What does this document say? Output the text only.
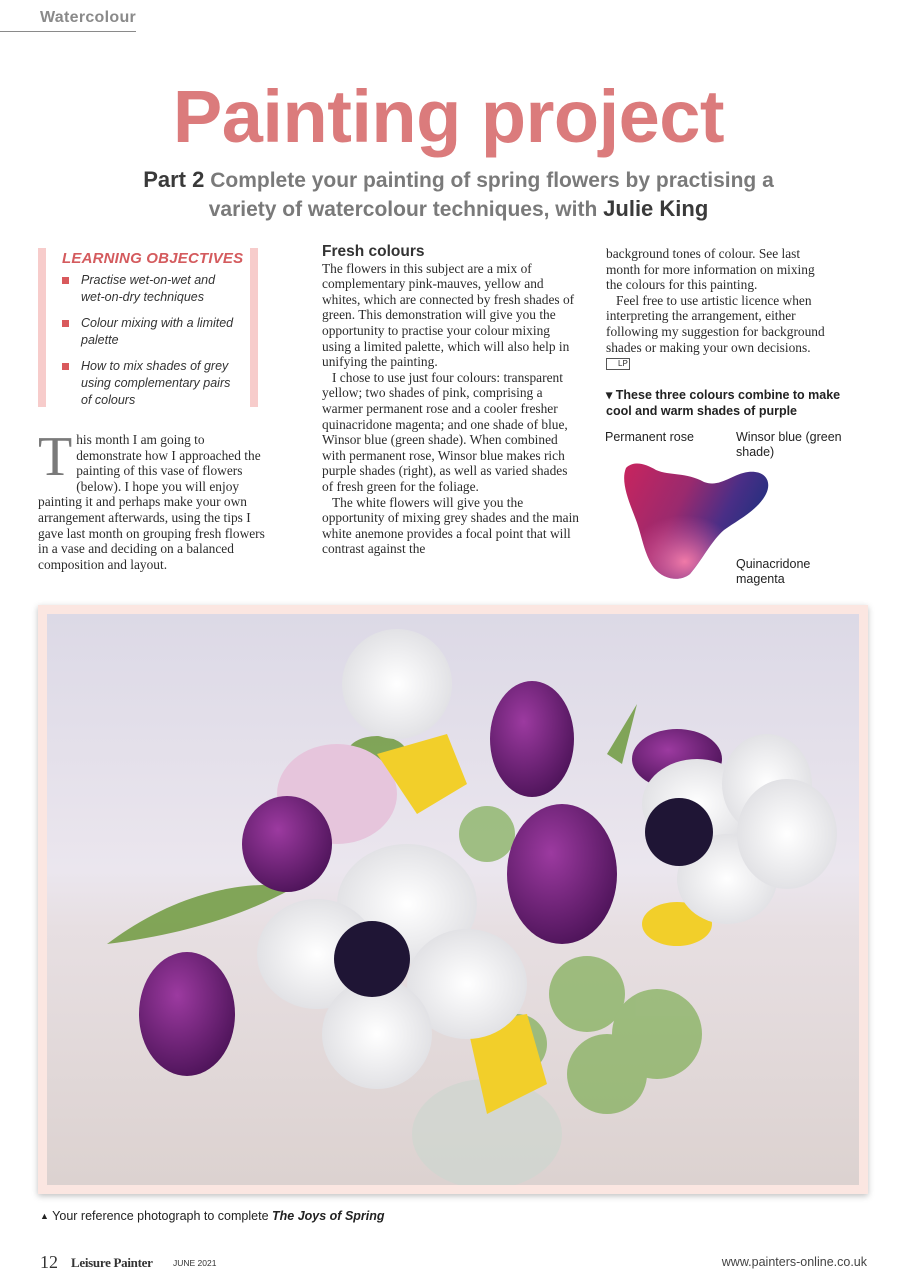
Watercolour
Painting project
Part 2 Complete your painting of spring flowers by practising a variety of watercolour techniques, with Julie King
LEARNING OBJECTIVES
Practise wet-on-wet and wet-on-dry techniques
Colour mixing with a limited palette
How to mix shades of grey using complementary pairs of colours
This month I am going to demonstrate how I approached the painting of this vase of flowers (below). I hope you will enjoy painting it and perhaps make your own arrangement afterwards, using the tips I gave last month on grouping fresh flowers in a vase and deciding on a balanced composition and layout.
Fresh colours

The flowers in this subject are a mix of complementary pink-mauves, yellow and whites, which are connected by fresh shades of green. This demonstration will give you the opportunity to practise your colour mixing using a limited palette, which will also help in unifying the painting.

I chose to use just four colours: transparent yellow; two shades of pink, comprising a warmer permanent rose and a cooler fresher quinacridone magenta; and one shade of blue, Winsor blue (green shade). When combined with permanent rose, Winsor blue makes rich purple shades (right), as well as varied shades of fresh green for the foliage.

The white flowers will give you the opportunity of mixing grey shades and the main white anemone provides a focal point that will contrast against the

background tones of colour. See last month for more information on mixing the colours for this painting.

Feel free to use artistic licence when interpreting the arrangement, either following my suggestion for background shades or making your own decisions. LP

▾ These three colours combine to make cool and warm shades of purple
Permanent rose	Winsor blue (green shade)
Quinacridone magenta
▲ Your reference photograph to complete The Joys of Spring
12 Leisure Painter JUNE 2021	www.painters-online.co.uk
